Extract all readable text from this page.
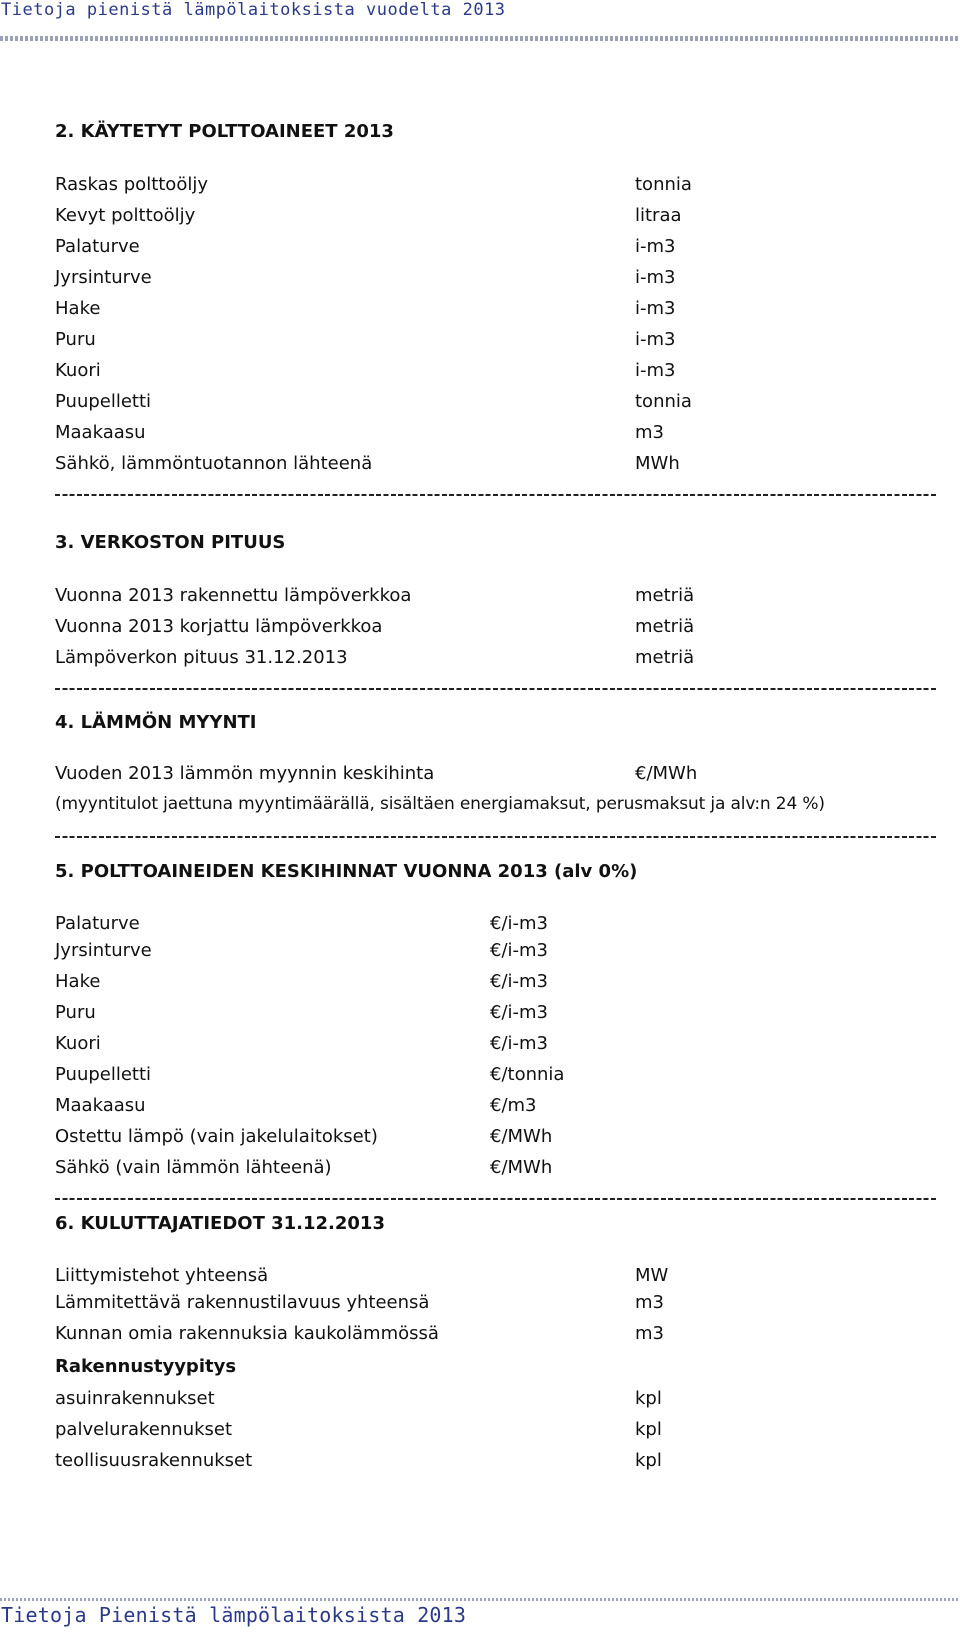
Tietoja pienistä lämpölaitoksista vuodelta 2013
2. KÄYTETYT POLTTOAINEET 2013
Raskas polttoöljy	tonnia
Kevyt polttoöljy	litraa
Palaturve	i-m3
Jyrsinturve	i-m3
Hake	i-m3
Puru	i-m3
Kuori	i-m3
Puupelletti	tonnia
Maakaasu	m3
Sähkö, lämmöntuotannon lähteenä	MWh
3. VERKOSTON PITUUS
Vuonna 2013 rakennettu lämpöverkkoa	metriä
Vuonna 2013 korjattu lämpöverkkoa	metriä
Lämpöverkon pituus 31.12.2013	metriä
4. LÄMMÖN MYYNTI
Vuoden 2013 lämmön myynnin keskihinta	€/MWh
(myyntitulot jaettuna myyntimäärällä, sisältäen energiamaksut, perusmaksut ja alv:n 24 %)
5. POLTTOAINEIDEN KESKIHINNAT VUONNA 2013 (alv 0%)
Palaturve	€/i-m3
Jyrsinturve	€/i-m3
Hake	€/i-m3
Puru	€/i-m3
Kuori	€/i-m3
Puupelletti	€/tonnia
Maakaasu	€/m3
Ostettu lämpö (vain jakelulaitokset)	€/MWh
Sähkö (vain lämmön lähteenä)	€/MWh
6. KULUTTAJATIEDOT 31.12.2013
Liittymistehot yhteensä	MW
Lämmitettävä rakennustilavuus yhteensä	m3
Kunnan omia rakennuksia kaukolämmössä	m3
Rakennustyypitys
asuinrakennukset	kpl
palvelurakennukset	kpl
teollisuusrakennukset	kpl
Tietoja Pienistä lämpölaitoksista 2013
